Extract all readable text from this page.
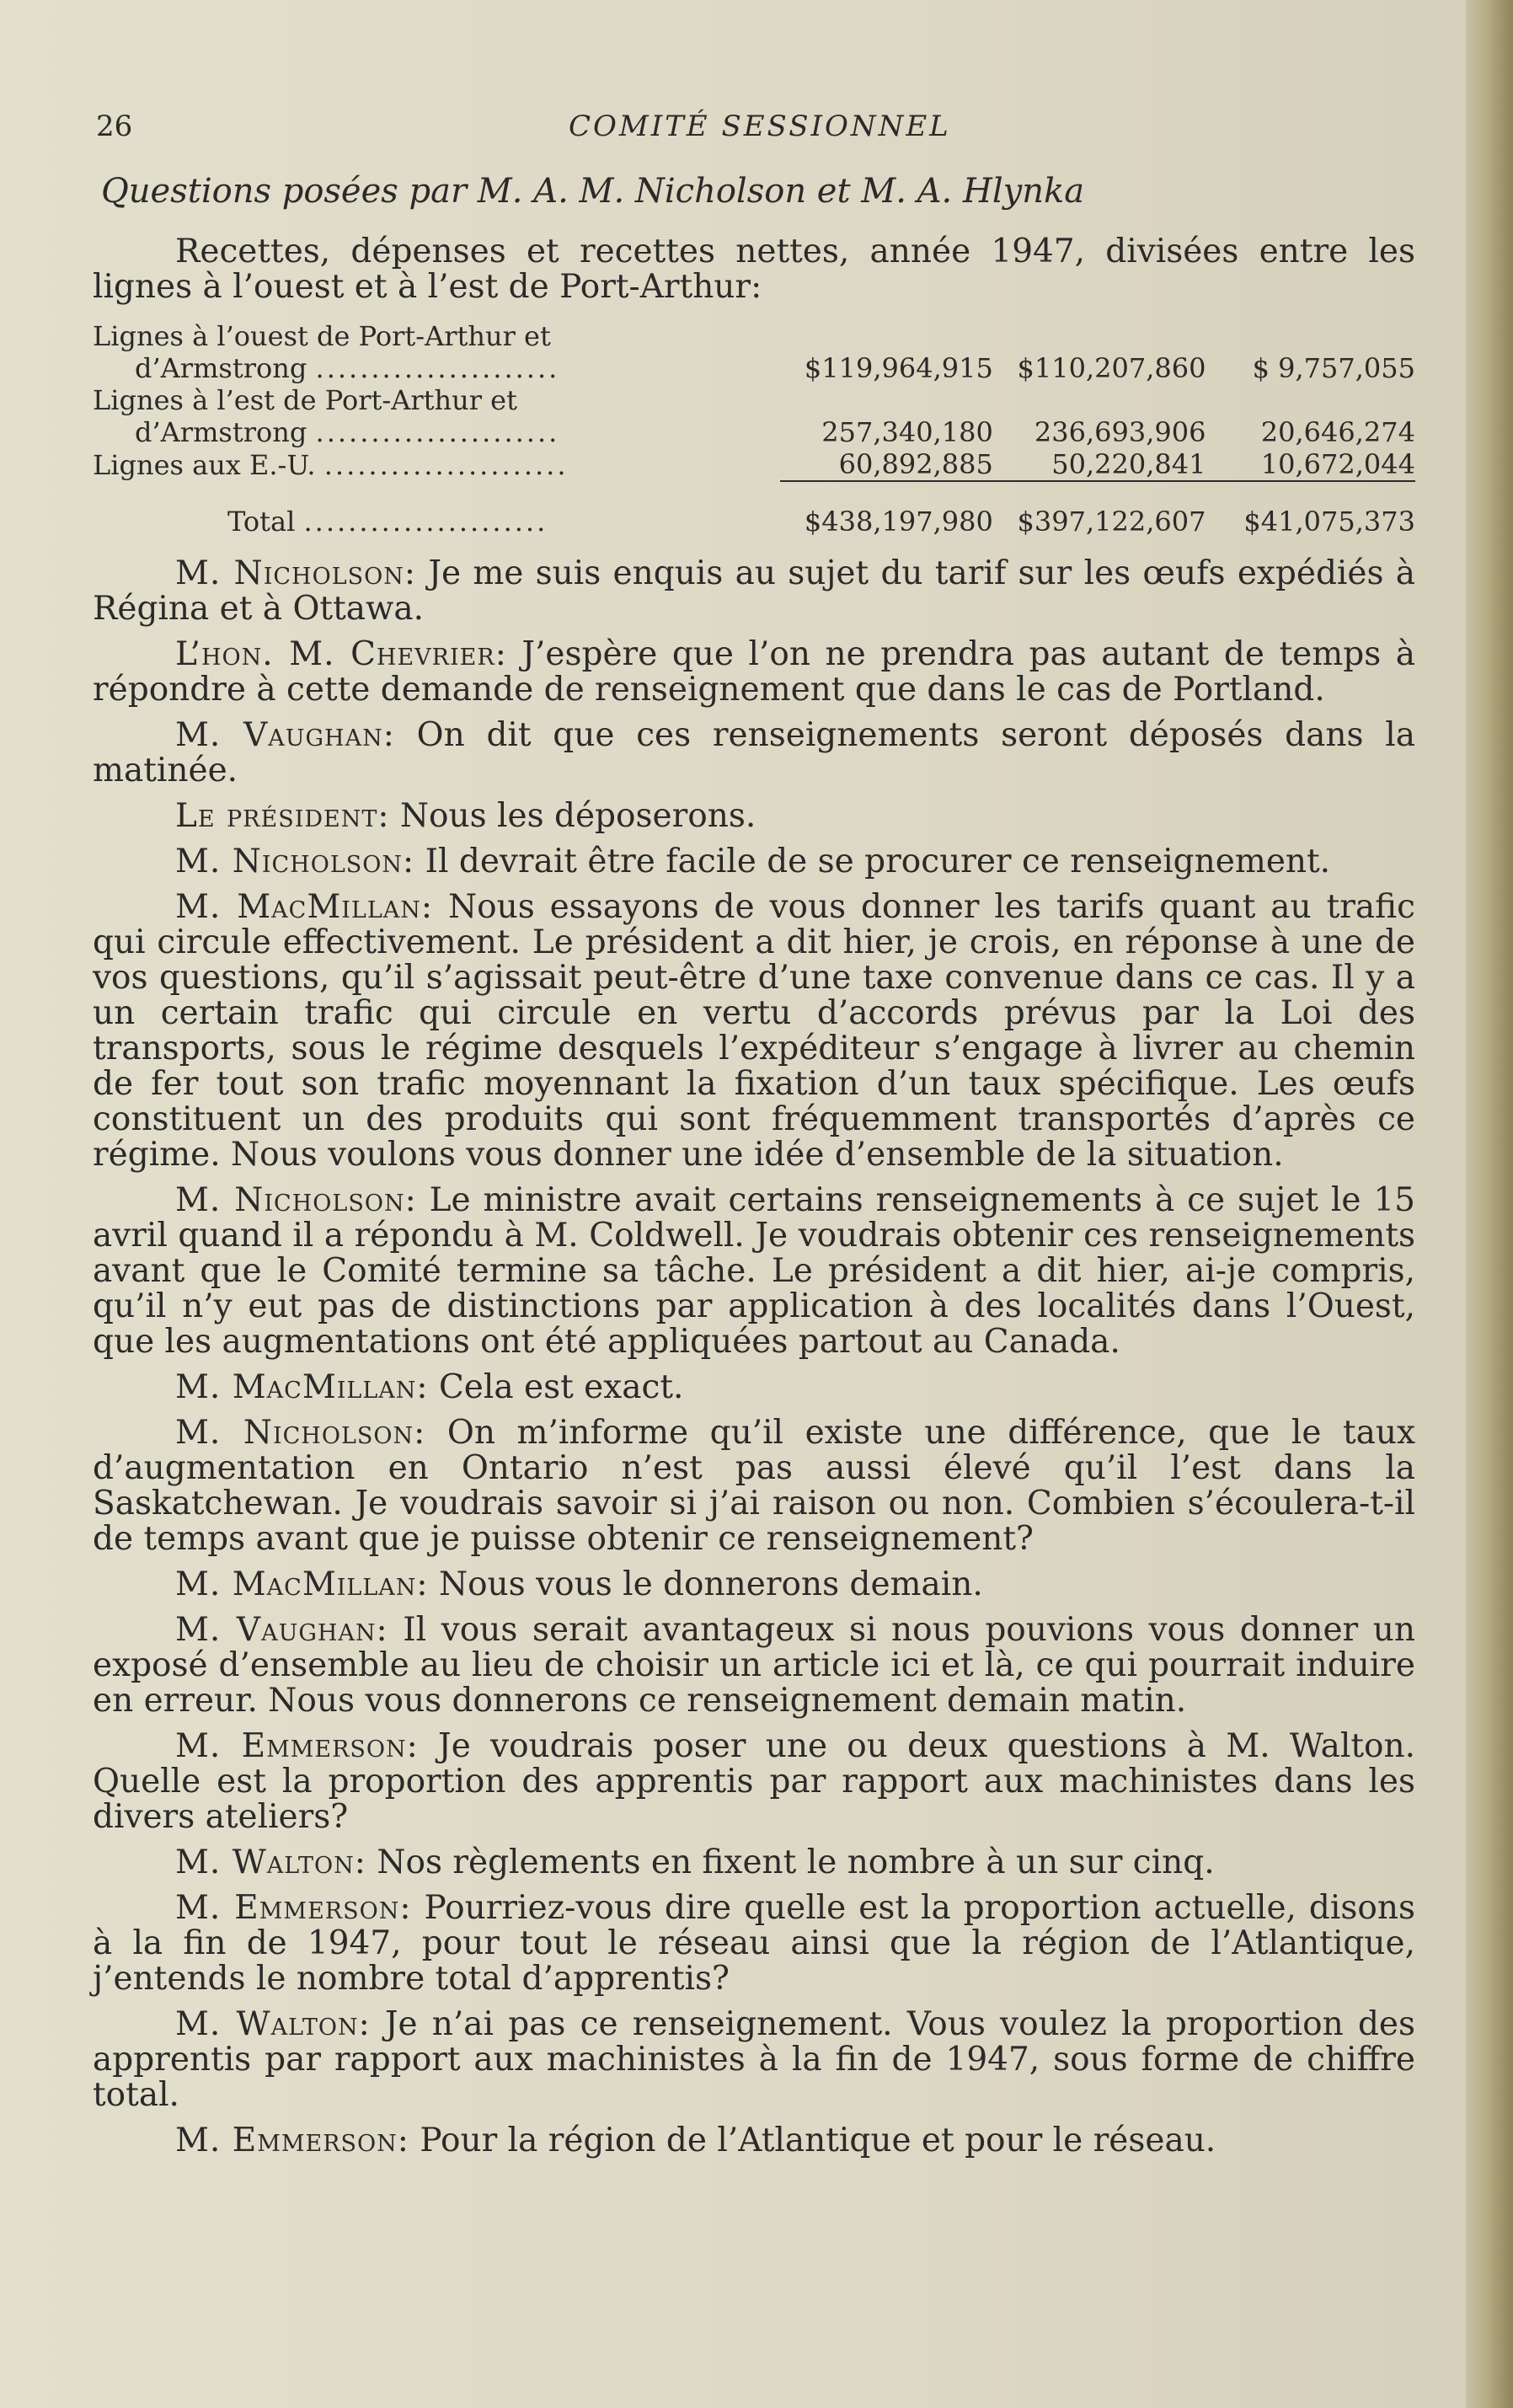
26	COMITÉ SESSIONNEL
Questions posées par M. A. M. Nicholson et M. A. Hlynka

Recettes, dépenses et recettes nettes, année 1947, divisées entre les lignes à l’ouest et à l’est de Port-Arthur:

Lignes à l’ouest de Port-Arthur et
d’Armstrong ......................	$119,964,915	$110,207,860	$ 9,757,055
Lignes à l’est de Port-Arthur et
d’Armstrong ......................	257,340,180	236,693,906	20,646,274
Lignes aux E.-U. ......................	60,892,885	50,220,841	10,672,044
Total ......................	$438,197,980	$397,122,607	$41,075,373

M. Nicholson: Je me suis enquis au sujet du tarif sur les œufs expédiés à Régina et à Ottawa.

L’hon. M. Chevrier: J’espère que l’on ne prendra pas autant de temps à répondre à cette demande de renseignement que dans le cas de Portland.

M. Vaughan: On dit que ces renseignements seront déposés dans la matinée.

Le président: Nous les déposerons.

M. Nicholson: Il devrait être facile de se procurer ce renseignement.

M. MacMillan: Nous essayons de vous donner les tarifs quant au trafic qui circule effectivement. Le président a dit hier, je crois, en réponse à une de vos questions, qu’il s’agissait peut-être d’une taxe convenue dans ce cas. Il y a un certain trafic qui circule en vertu d’accords prévus par la Loi des transports, sous le régime desquels l’expéditeur s’engage à livrer au chemin de fer tout son trafic moyennant la fixation d’un taux spécifique. Les œufs constituent un des produits qui sont fréquemment transportés d’après ce régime. Nous voulons vous donner une idée d’ensemble de la situation.

M. Nicholson: Le ministre avait certains renseignements à ce sujet le 15 avril quand il a répondu à M. Coldwell. Je voudrais obtenir ces renseignements avant que le Comité termine sa tâche. Le président a dit hier, ai-je compris, qu’il n’y eut pas de distinctions par application à des localités dans l’Ouest, que les augmentations ont été appliquées partout au Canada.

M. MacMillan: Cela est exact.

M. Nicholson: On m’informe qu’il existe une différence, que le taux d’augmentation en Ontario n’est pas aussi élevé qu’il l’est dans la Saskatchewan. Je voudrais savoir si j’ai raison ou non. Combien s’écoulera-t-il de temps avant que je puisse obtenir ce renseignement?

M. MacMillan: Nous vous le donnerons demain.

M. Vaughan: Il vous serait avantageux si nous pouvions vous donner un exposé d’ensemble au lieu de choisir un article ici et là, ce qui pourrait induire en erreur. Nous vous donnerons ce renseignement demain matin.

M. Emmerson: Je voudrais poser une ou deux questions à M. Walton. Quelle est la proportion des apprentis par rapport aux machinistes dans les divers ateliers?

M. Walton: Nos règlements en fixent le nombre à un sur cinq.

M. Emmerson: Pourriez-vous dire quelle est la proportion actuelle, disons à la fin de 1947, pour tout le réseau ainsi que la région de l’Atlantique, j’entends le nombre total d’apprentis?

M. Walton: Je n’ai pas ce renseignement. Vous voulez la proportion des apprentis par rapport aux machinistes à la fin de 1947, sous forme de chiffre total.

M. Emmerson: Pour la région de l’Atlantique et pour le réseau.
